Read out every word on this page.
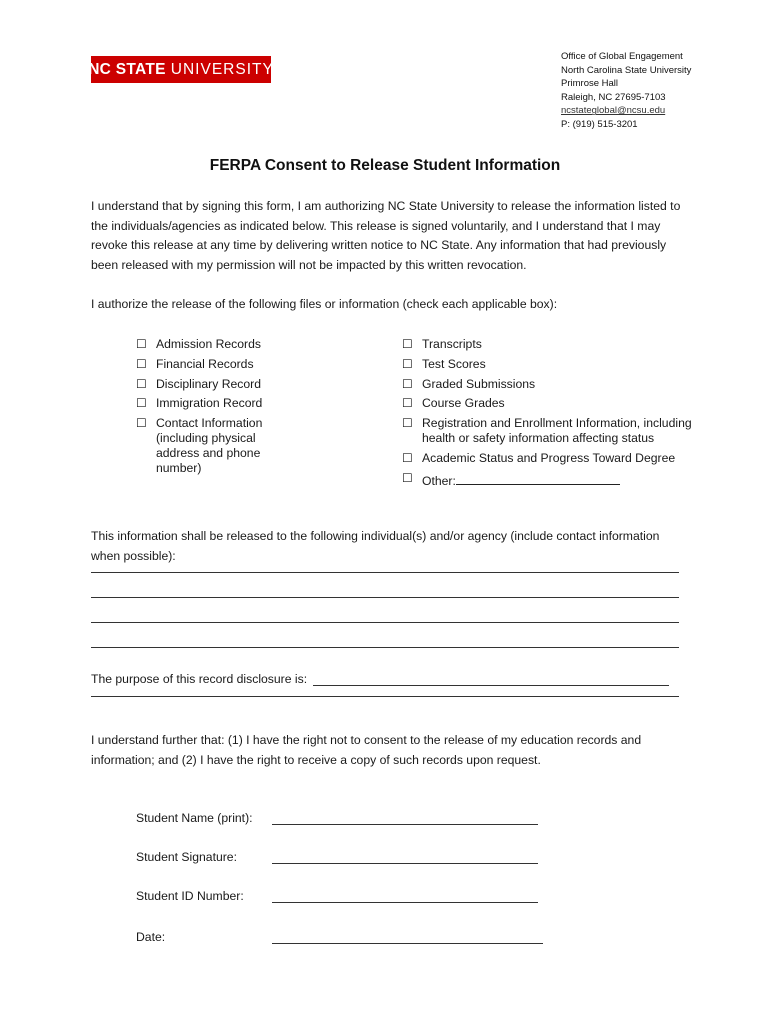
NC STATE UNIVERSITY
Office of Global Engagement
North Carolina State University
Primrose Hall
Raleigh, NC 27695-7103
ncstateglobal@ncsu.edu
P: (919) 515-3201
FERPA Consent to Release Student Information
I understand that by signing this form, I am authorizing NC State University to release the information listed to the individuals/agencies as indicated below. This release is signed voluntarily, and I understand that I may revoke this release at any time by delivering written notice to NC State. Any information that had previously been released with my permission will not be impacted by this written revocation.
I authorize the release of the following files or information (check each applicable box):
☐ Admission Records
☐ Financial Records
☐ Disciplinary Record
☐ Immigration Record
☐ Contact Information (including physical address and phone number)
☐ Transcripts
☐ Test Scores
☐ Graded Submissions
☐ Course Grades
☐ Registration and Enrollment Information, including health or safety information affecting status
☐ Academic Status and Progress Toward Degree
☐ Other:
This information shall be released to the following individual(s) and/or agency (include contact information when possible):
The purpose of this record disclosure is:
I understand further that: (1) I have the right not to consent to the release of my education records and information; and (2) I have the right to receive a copy of such records upon request.
Student Name (print):
Student Signature:
Student ID Number:
Date:
